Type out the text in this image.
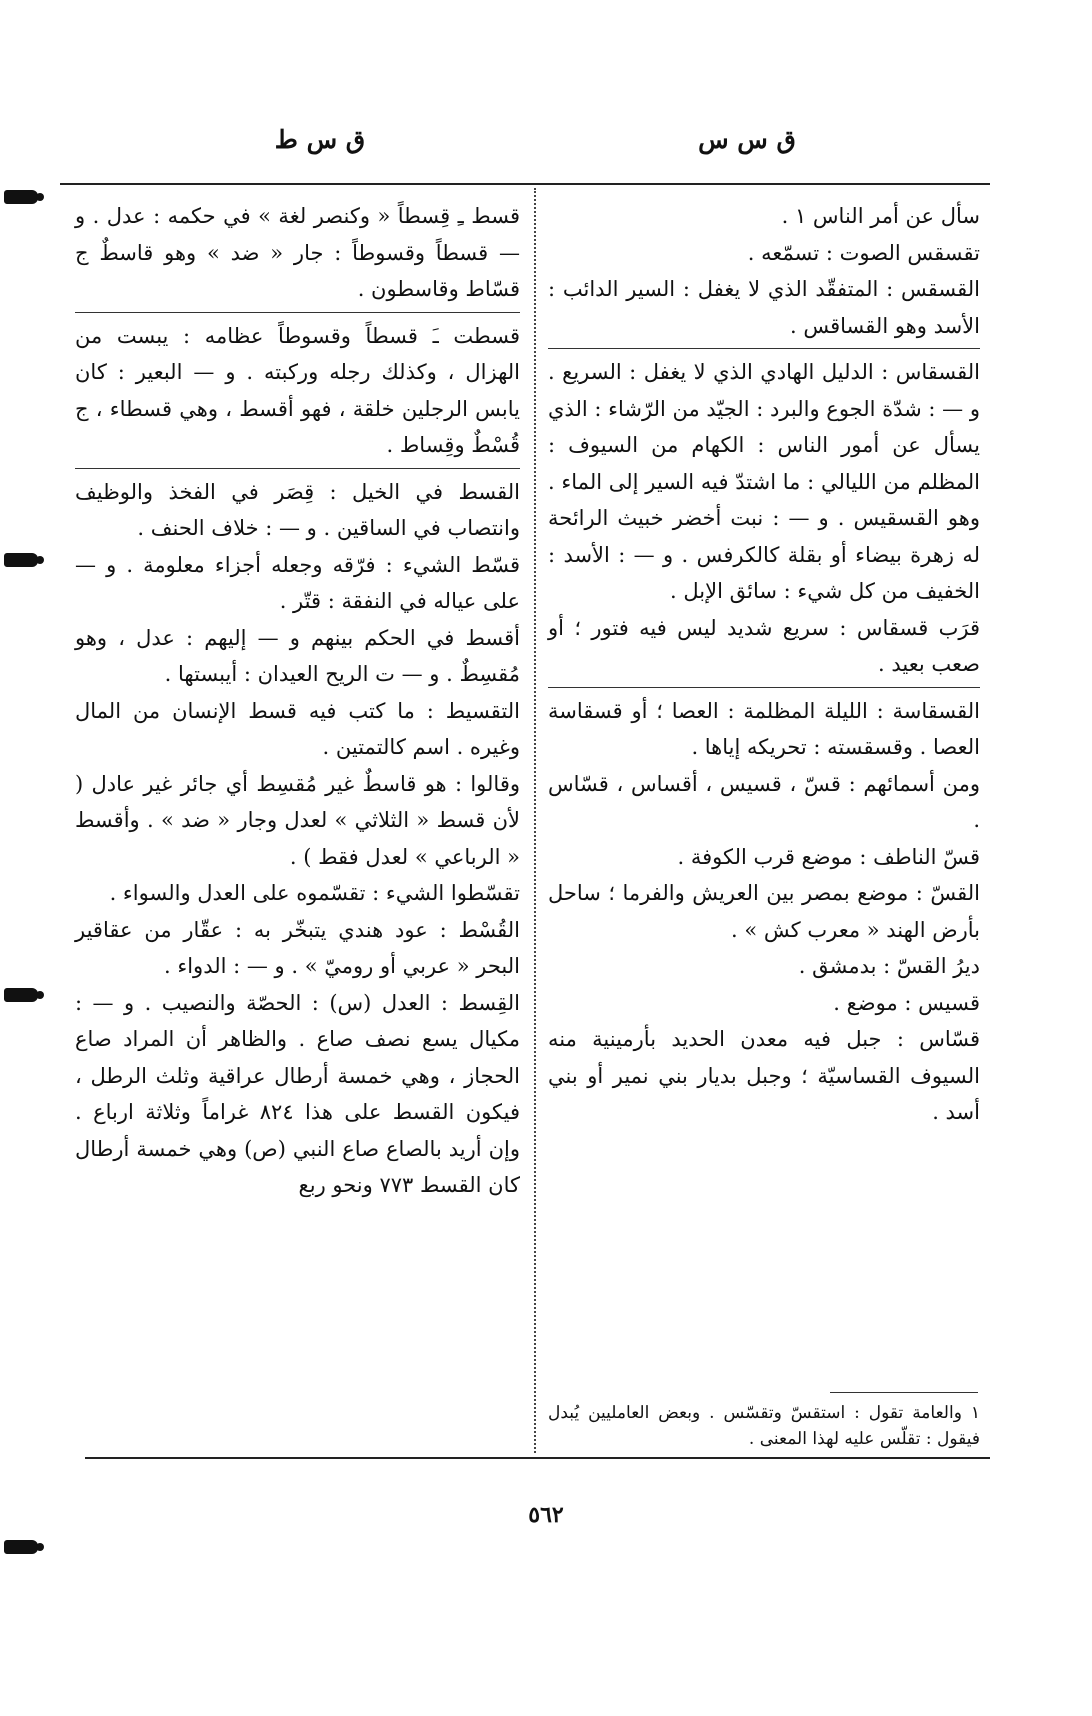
ق س س
ق س ط

سأل عن أمر الناس ١ .

تقسقس الصوت : تسمّعه .

القسقس : المتفقّد الذي لا يغفل : السير الدائب : الأسد وهو القساقس .

القسقاس : الدليل الهادي الذي لا يغفل : السريع . و — : شدّة الجوع والبرد : الجيّد من الرّشاء : الذي يسأل عن أمور الناس : الكهام من السيوف : المظلم من الليالي : ما اشتدّ فيه السير إلى الماء . وهو القسقيس . و — : نبت أخضر خبيث الرائحة له زهرة بيضاء أو بقلة كالكرفس . و — : الأسد : الخفيف من كل شيء : سائق الإبل .

قرَب قسقاس : سريع شديد ليس فيه فتور ؛ أو صعب بعيد .

القسقاسة : الليلة المظلمة : العصا ؛ أو قسقاسة العصا . وقسقسته : تحريكه إياها .

ومن أسمائهم : قسّ ، قسيس ، أقساس ، قسّاس .

قسّ الناطف : موضع قرب الكوفة .

القسّ : موضع بمصر بين العريش والفرما ؛ ساحل بأرض الهند « معرب كش » .

ديرُ القسّ : بدمشق .

قسيس : موضع .

قسّاس : جبل فيه معدن الحديد بأرمينية منه السيوف القساسيّة ؛ وجبل بديار بني نمير أو بني أسد .

١ والعامة تقول : استقسّ وتقسّس . وبعض العامليين يُبدل فيقول : تقلّس عليه لهذا المعنى .

قسط ـِ قِسطاً « وكنصر لغة » في حكمه : عدل . و — قسطاً وقسوطاً : جار « ضد » وهو قاسطٌ ج قسّاط وقاسطون .

قسطت ـَ قسطاً وقسوطاً عظامه : يبست من الهزال ، وكذلك رجله وركبته . و — البعير : كان يابس الرجلين خلقة ، فهو أقسط ، وهي قسطاء ، ج قُسْطٌ وقِساط .

القسط في الخيل : قِصَر في الفخذ والوظيف وانتصاب في الساقين . و — : خلاف الحنف .

قسّط الشيء : فرّقه وجعله أجزاء معلومة . و — على عياله في النفقة : قتّر .

أقسط في الحكم بينهم و — إليهم : عدل ، وهو مُقسِطٌ . و — ت الريح العيدان : أيبستها .

التقسيط : ما كتب فيه قسط الإنسان من المال وغيره . اسم كالتمتين .

وقالوا : هو قاسطٌ غير مُقسِط أي جائر غير عادل ( لأن قسط « الثلاثي » لعدل وجار « ضد » . وأقسط « الرباعي » لعدل فقط ) .

تقسّطوا الشيء : تقسّموه على العدل والسواء .

القُسْط : عود هندي يتبخّر به : عقّار من عقاقير البحر « عربي أو روميّ » . و — : الدواء .

القِسط : العدل (س) : الحصّة والنصيب . و — : مكيال يسع نصف صاع . والظاهر أن المراد صاع الحجاز ، وهي خمسة أرطال عراقية وثلث الرطل ، فيكون القسط على هذا ٨٢٤ غراماً وثلاثة ارباع . وإن أريد بالصاع صاع النبي (ص) وهي خمسة أرطال كان القسط ٧٧٣ ونحو ربع

٥٦٢
